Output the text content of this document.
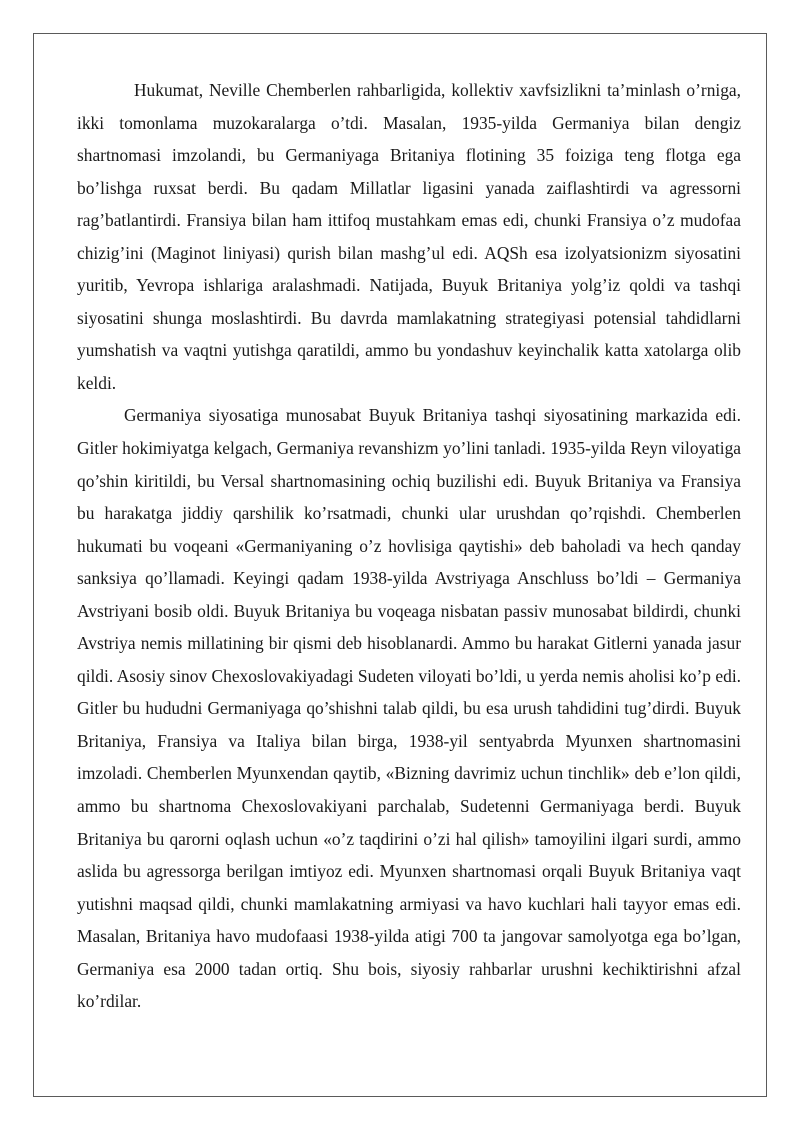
Hukumat, Neville Chemberlen rahbarligida, kollektiv xavfsizlikni ta’minlash o’rniga, ikki tomonlama muzokaralarga o’tdi. Masalan, 1935-yilda Germaniya bilan dengiz shartnomasi imzolandi, bu Germaniyaga Britaniya flotining 35 foiziga teng flotga ega bo’lishga ruxsat berdi. Bu qadam Millatlar ligasini yanada zaiflashtirdi va agressorni rag’batlantirdi. Fransiya bilan ham ittifoq mustahkam emas edi, chunki Fransiya o’z mudofaa chizig’ini (Maginot liniyasi) qurish bilan mashg’ul edi. AQSh esa izolyatsionizm siyosatini yuritib, Yevropa ishlariga aralashmadi. Natijada, Buyuk Britaniya yolg’iz qoldi va tashqi siyosatini shunga moslashtirdi. Bu davrda mamlakatning strategiyasi potensial tahdidlarni yumshatish va vaqtni yutishga qaratildi, ammo bu yondashuv keyinchalik katta xatolarga olib keldi.

Germaniya siyosatiga munosabat Buyuk Britaniya tashqi siyosatining markazida edi. Gitler hokimiyatga kelgach, Germaniya revanshizm yo’lini tanladi. 1935-yilda Reyn viloyatiga qo’shin kiritildi, bu Versal shartnomasining ochiq buzilishi edi. Buyuk Britaniya va Fransiya bu harakatga jiddiy qarshilik ko’rsatmadi, chunki ular urushdan qo’rqishdi. Chemberlen hukumati bu voqeani «Germaniyaning o’z hovlisiga qaytishi» deb baholadi va hech qanday sanksiya qo’llamadi. Keyingi qadam 1938-yilda Avstriyaga Anschluss bo’ldi – Germaniya Avstriyani bosib oldi. Buyuk Britaniya bu voqeaga nisbatan passiv munosabat bildirdi, chunki Avstriya nemis millatining bir qismi deb hisoblanardi. Ammo bu harakat Gitlerni yanada jasur qildi. Asosiy sinov Chexoslovakiyadagi Sudeten viloyati bo’ldi, u yerda nemis aholisi ko’p edi. Gitler bu hududni Germaniyaga qo’shishni talab qildi, bu esa urush tahdidini tug’dirdi. Buyuk Britaniya, Fransiya va Italiya bilan birga, 1938-yil sentyabrda Myunxen shartnomasini imzoladi. Chemberlen Myunxendan qaytib, «Bizning davrimiz uchun tinchlik» deb e’lon qildi, ammo bu shartnoma Chexoslovakiyani parchalab, Sudetenni Germaniyaga berdi. Buyuk Britaniya bu qarorni oqlash uchun «o’z taqdirini o’zi hal qilish» tamoyilini ilgari surdi, ammo aslida bu agressorga berilgan imtiyoz edi. Myunxen shartnomasi orqali Buyuk Britaniya vaqt yutishni maqsad qildi, chunki mamlakatning armiyasi va havo kuchlari hali tayyor emas edi. Masalan, Britaniya havo mudofaasi 1938-yilda atigi 700 ta jangovar samolyotga ega bo’lgan, Germaniya esa 2000 tadan ortiq. Shu bois, siyosiy rahbarlar urushni kechiktirishni afzal ko’rdilar.
